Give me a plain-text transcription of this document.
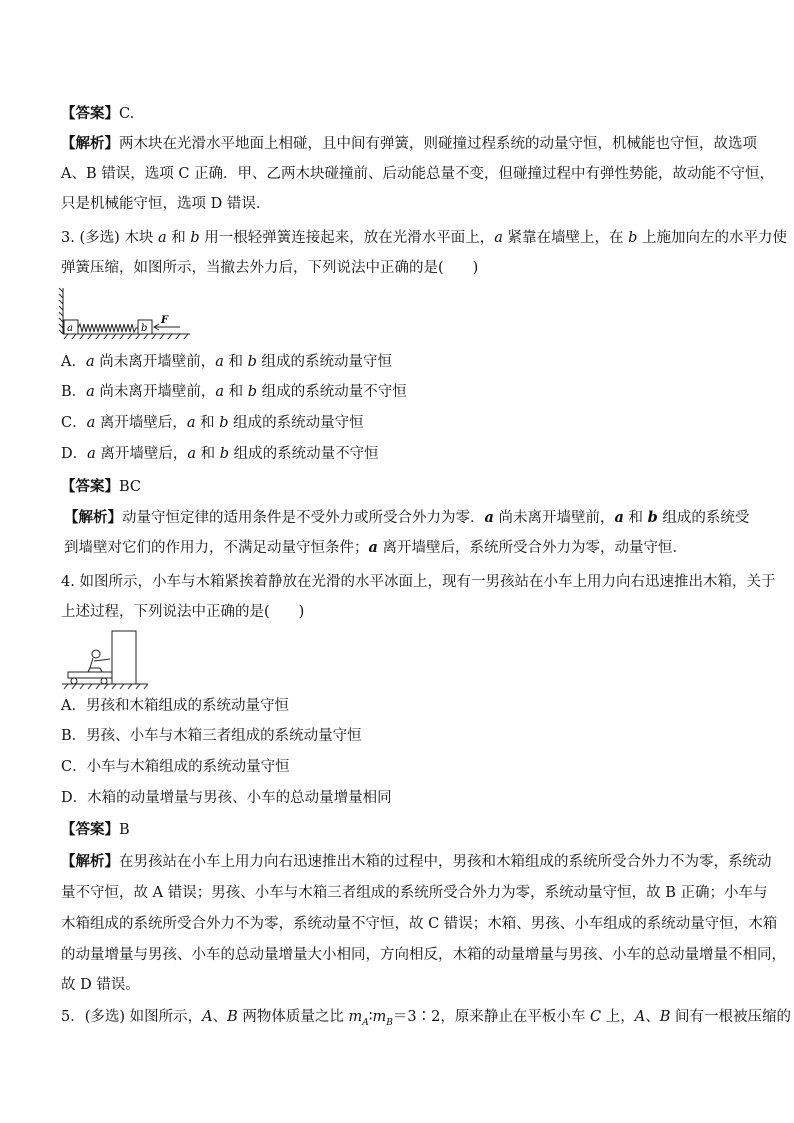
【答案】C.
【解析】两木块在光滑水平地面上相碰，且中间有弹簧，则碰撞过程系统的动量守恒，机械能也守恒，故选项
A、B 错误，选项 C 正确．甲、乙两木块碰撞前、后动能总量不变，但碰撞过程中有弹性势能，故动能不守恒，
只是机械能守恒，选项 D 错误．
3. (多选) 木块 a 和 b 用一根轻弹簧连接起来，放在光滑水平面上，a 紧靠在墙壁上，在 b 上施加向左的水平力使
弹簧压缩，如图所示，当撤去外力后，下列说法中正确的是(　　)
a	b
F
A．a 尚未离开墙壁前，a 和 b 组成的系统动量守恒
B．a 尚未离开墙壁前，a 和 b 组成的系统动量不守恒
C．a 离开墙壁后，a 和 b 组成的系统动量守恒
D．a 离开墙壁后，a 和 b 组成的系统动量不守恒
【答案】BC
【解析】动量守恒定律的适用条件是不受外力或所受合外力为零．a 尚未离开墙壁前，a 和 b 组成的系统受
到墙壁对它们的作用力，不满足动量守恒条件；a 离开墙壁后，系统所受合外力为零，动量守恒．
4. 如图所示，小车与木箱紧挨着静放在光滑的水平冰面上，现有一男孩站在小车上用力向右迅速推出木箱，关于
上述过程，下列说法中正确的是(　　)
A．男孩和木箱组成的系统动量守恒
B．男孩、小车与木箱三者组成的系统动量守恒
C．小车与木箱组成的系统动量守恒
D．木箱的动量增量与男孩、小车的总动量增量相同
【答案】B
【解析】在男孩站在小车上用力向右迅速推出木箱的过程中，男孩和木箱组成的系统所受合外力不为零，系统动
量不守恒，故 A 错误；男孩、小车与木箱三者组成的系统所受合外力为零，系统动量守恒，故 B 正确；小车与
木箱组成的系统所受合外力不为零，系统动量不守恒，故 C 错误；木箱、男孩、小车组成的系统动量守恒，木箱
的动量增量与男孩、小车的总动量增量大小相同，方向相反，木箱的动量增量与男孩、小车的总动量增量不相同，
故 D 错误。
5．(多选) 如图所示，A、B 两物体质量之比 $m_A∶m_B=3∶2$，原来静止在平板小车 C 上，A、B 间有一根被压缩的
